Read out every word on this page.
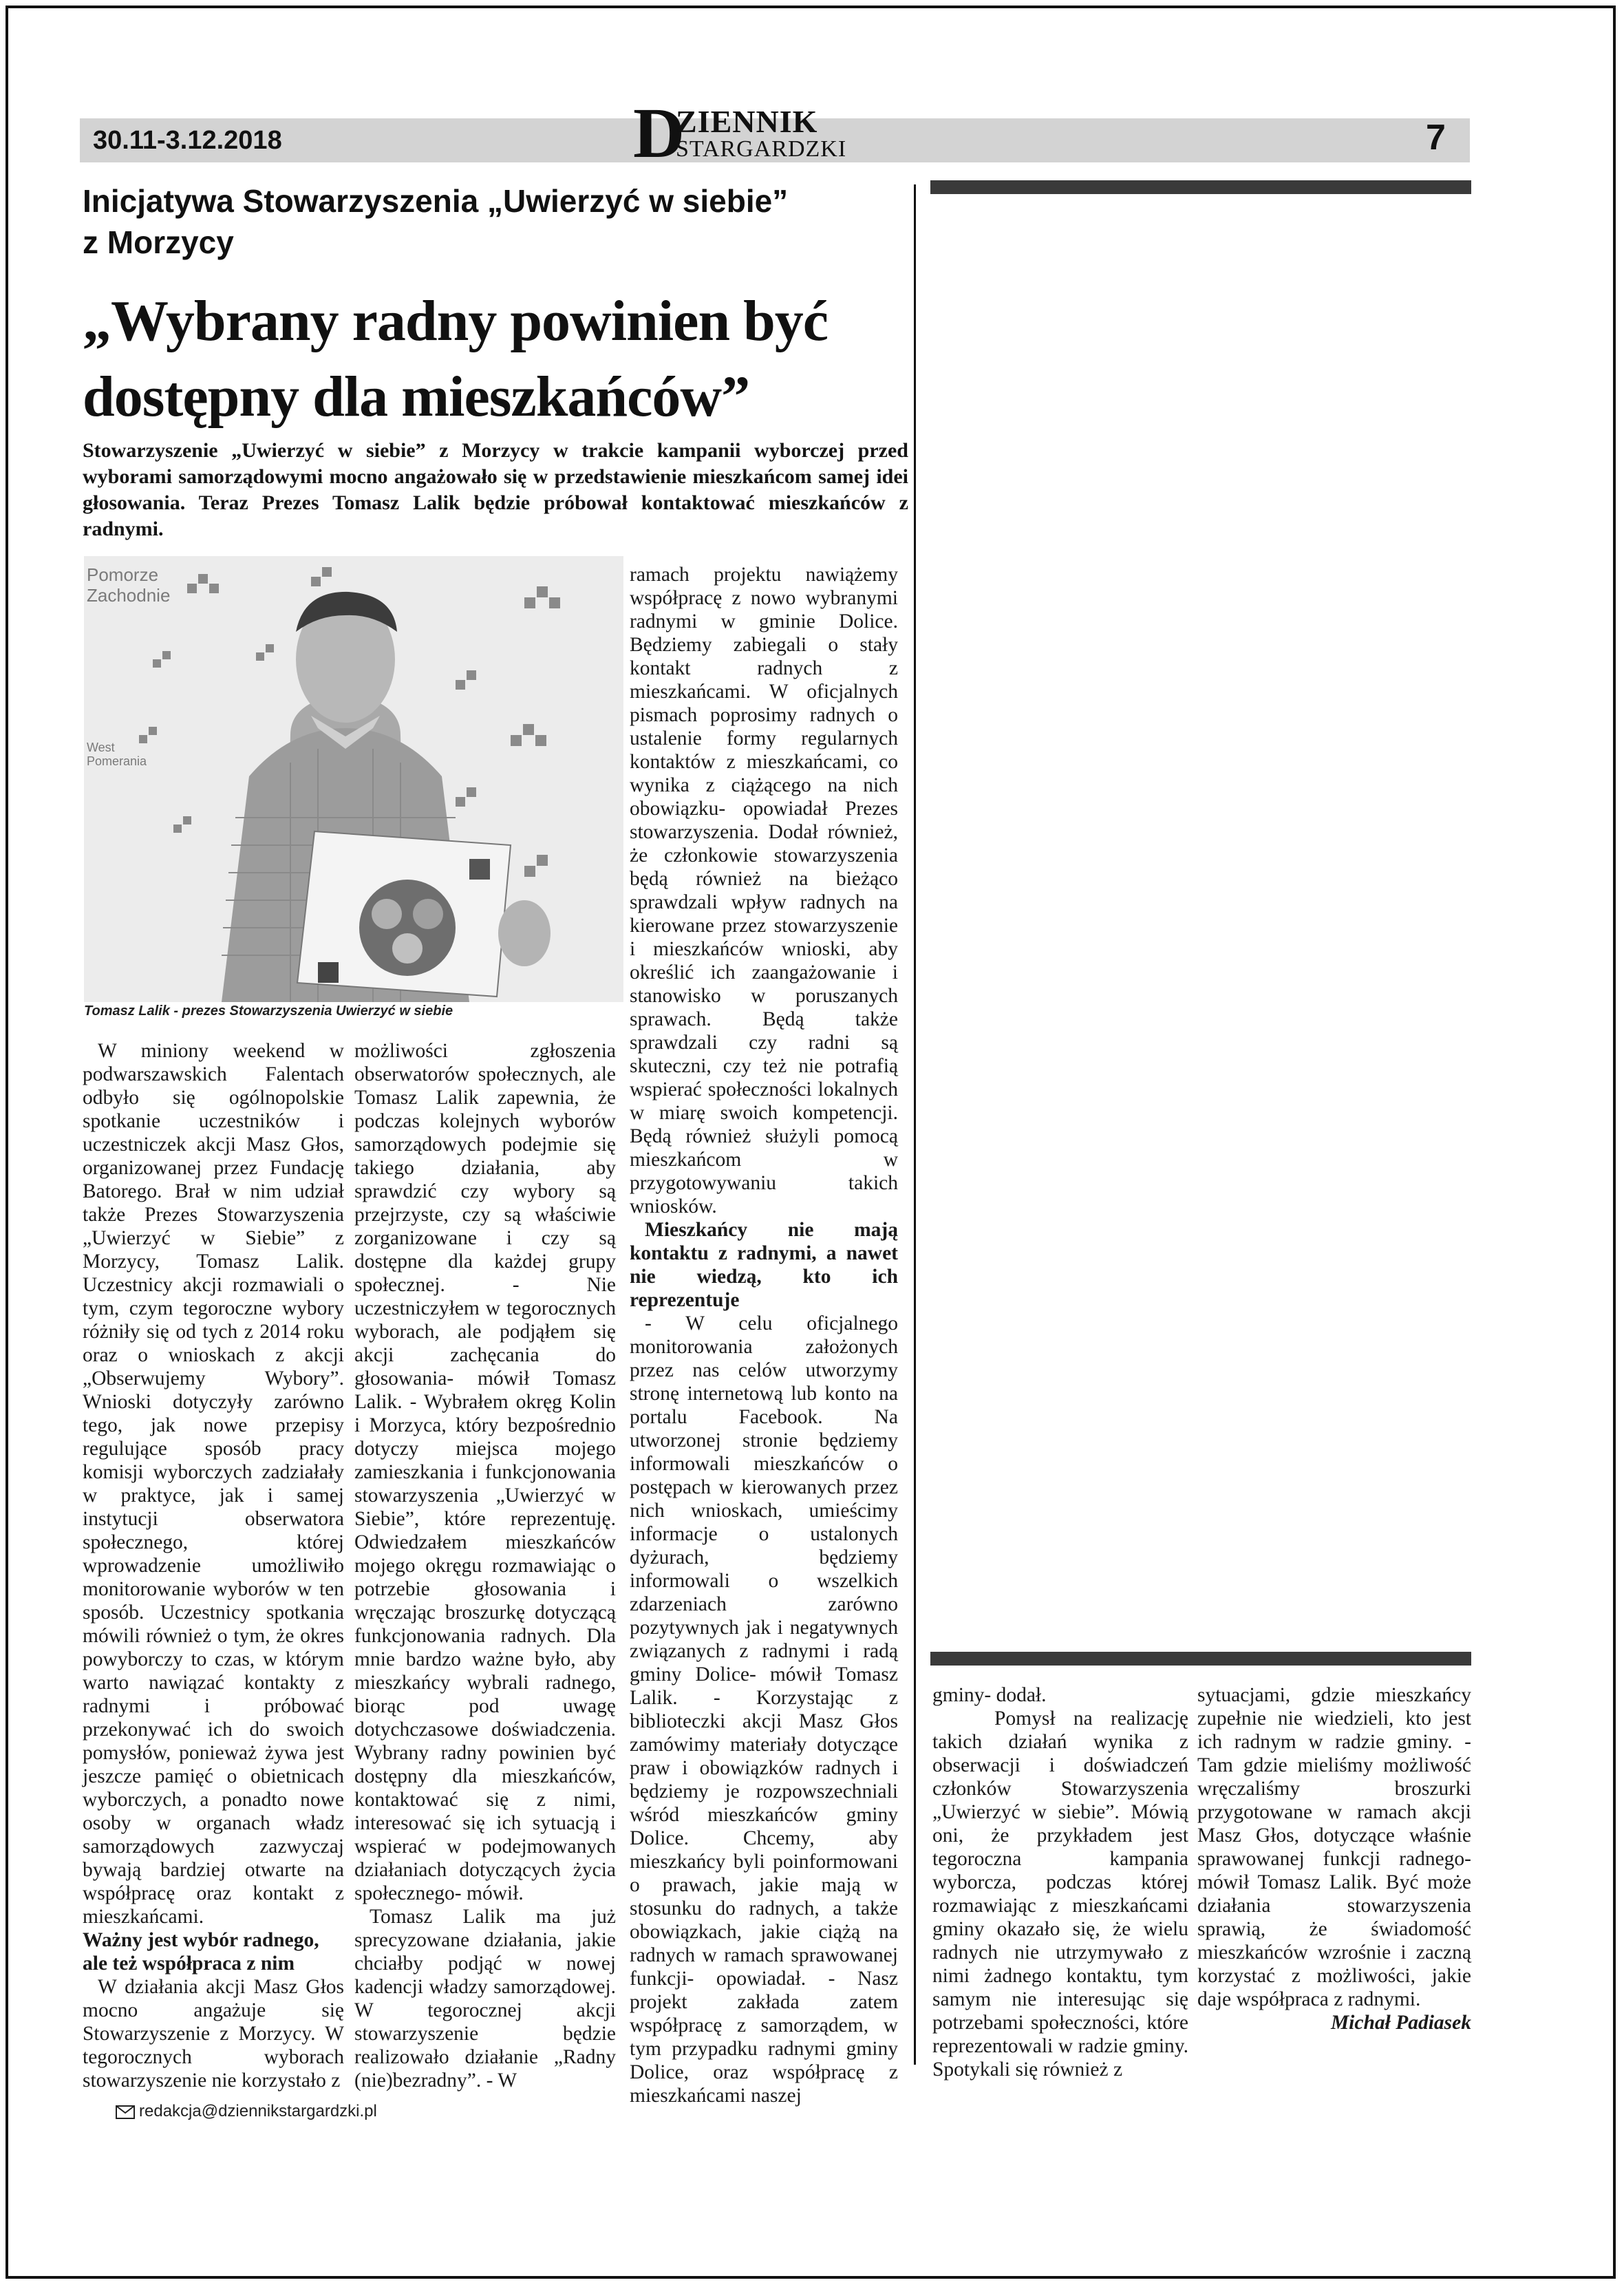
30.11-3.12.2018	D
ZIENNIK
STARGARDZKI	7
Inicjatywa Stowarzyszenia „Uwierzyć w siebie”
z Morzycy
„Wybrany radny powinien być
dostępny dla mieszkańców”
Stowarzyszenie „Uwierzyć w siebie” z Morzycy w trakcie kampanii wyborczej przed wyborami samorządowymi mocno angażowało się w przedstawienie mieszkańcom samej idei głosowania. Teraz Prezes Tomasz Lalik będzie próbował kontaktować mieszkańców z radnymi.
Pomorze
Zachodnie
West
Pomerania
Tomasz Lalik - prezes Stowarzyszenia Uwierzyć w siebie

W miniony weekend w podwarszawskich Falentach odbyło się ogólnopolskie spotkanie uczestników i uczestniczek akcji Masz Głos, organizowanej przez Fundację Batorego. Brał w nim udział także Prezes Stowarzyszenia „Uwierzyć w Siebie” z Morzycy, Tomasz Lalik. Uczestnicy akcji rozmawiali o tym, czym tegoroczne wybory różniły się od tych z 2014 roku oraz o wnioskach z akcji „Obserwujemy Wybory”. Wnioski dotyczyły zarówno tego, jak nowe przepisy regulujące sposób pracy komisji wyborczych zadziałały w praktyce, jak i samej instytucji obserwatora społecznego, której wprowadzenie umożliwiło monitorowanie wyborów w ten sposób. Uczestnicy spotkania mówili również o tym, że okres powyborczy to czas, w którym warto nawiązać kontakty z radnymi i próbować przekonywać ich do swoich pomysłów, ponieważ żywa jest jeszcze pamięć o obietnicach wyborczych, a ponadto nowe osoby w organach władz samorządowych zazwyczaj bywają bardziej otwarte na współpracę oraz kontakt z mieszkańcami.

Ważny jest wybór radnego, ale też współpraca z nim

W działania akcji Masz Głos mocno angażuje się Stowarzyszenie z Morzycy. W tegorocznych wyborach stowarzyszenie nie korzystało z

możliwości zgłoszenia obserwatorów społecznych, ale Tomasz Lalik zapewnia, że podczas kolejnych wyborów samorządowych podejmie się takiego działania, aby sprawdzić czy wybory są przejrzyste, czy są właściwie zorganizowane i czy są dostępne dla każdej grupy społecznej. - Nie uczestniczyłem w tegorocznych wyborach, ale podjąłem się akcji zachęcania do głosowania- mówił Tomasz Lalik. - Wybrałem okręg Kolin i Morzyca, który bezpośrednio dotyczy miejsca mojego zamieszkania i funkcjonowania stowarzyszenia „Uwierzyć w Siebie”, które reprezentuję. Odwiedzałem mieszkańców mojego okręgu rozmawiając o potrzebie głosowania i wręczając broszurkę dotyczącą funkcjonowania radnych. Dla mnie bardzo ważne było, aby mieszkańcy wybrali radnego, biorąc pod uwagę dotychczasowe doświadczenia. Wybrany radny powinien być dostępny dla mieszkańców, kontaktować się z nimi, interesować się ich sytuacją i wspierać w podejmowanych działaniach dotyczących życia społecznego- mówił.

Tomasz Lalik ma już sprecyzowane działania, jakie chciałby podjąć w nowej kadencji władzy samorządowej. W tegorocznej akcji stowarzyszenie będzie realizowało działanie „Radny (nie)bezradny”. - W

ramach projektu nawiążemy współpracę z nowo wybranymi radnymi w gminie Dolice. Będziemy zabiegali o stały kontakt radnych z mieszkańcami. W oficjalnych pismach poprosimy radnych o ustalenie formy regularnych kontaktów z mieszkańcami, co wynika z ciążącego na nich obowiązku- opowiadał Prezes stowarzyszenia. Dodał również, że członkowie stowarzyszenia będą również na bieżąco sprawdzali wpływ radnych na kierowane przez stowarzyszenie i mieszkańców wnioski, aby określić ich zaangażowanie i stanowisko w poruszanych sprawach. Będą także sprawdzali czy radni są skuteczni, czy też nie potrafią wspierać społeczności lokalnych w miarę swoich kompetencji. Będą również służyli pomocą mieszkańcom w przygotowywaniu takich wniosków.

Mieszkańcy nie mają kontaktu z radnymi, a nawet nie wiedzą, kto ich reprezentuje

- W celu oficjalnego monitorowania założonych przez nas celów utworzymy stronę internetową lub konto na portalu Facebook. Na utworzonej stronie będziemy informowali mieszkańców o postępach w kierowanych przez nich wnioskach, umieścimy informacje o ustalonych dyżurach, będziemy informowali o wszelkich zdarzeniach zarówno pozytywnych jak i negatywnych związanych z radnymi i radą gminy Dolice- mówił Tomasz Lalik. - Korzystając z biblioteczki akcji Masz Głos zamówimy materiały dotyczące praw i obowiązków radnych i będziemy je rozpowszechniali wśród mieszkańców gminy Dolice. Chcemy, aby mieszkańcy byli poinformowani o prawach, jakie mają w stosunku do radnych, a także obowiązkach, jakie ciążą na radnych w ramach sprawowanej funkcji- opowiadał. - Nasz projekt zakłada zatem współpracę z samorządem, w tym przypadku radnymi gminy Dolice, oraz współpracę z mieszkańcami naszej

gminy- dodał.

Pomysł na realizację takich działań wynika z obserwacji i doświadczeń członków Stowarzyszenia „Uwierzyć w siebie”. Mówią oni, że przykładem jest tegoroczna kampania wyborcza, podczas której rozmawiając z mieszkańcami gminy okazało się, że wielu radnych nie utrzymywało z nimi żadnego kontaktu, tym samym nie interesując się potrzebami społeczności, które reprezentowali w radzie gminy. Spotykali się również z

sytuacjami, gdzie mieszkańcy zupełnie nie wiedzieli, kto jest ich radnym w radzie gminy. - Tam gdzie mieliśmy możliwość wręczaliśmy broszurki przygotowane w ramach akcji Masz Głos, dotyczące właśnie sprawowanej funkcji radnego- mówił Tomasz Lalik. Być może działania stowarzyszenia sprawią, że świadomość mieszkańców wzrośnie i zaczną korzystać z możliwości, jakie daje współpraca z radnymi.

Michał Padiasek

redakcja@dziennikstargardzki.pl
